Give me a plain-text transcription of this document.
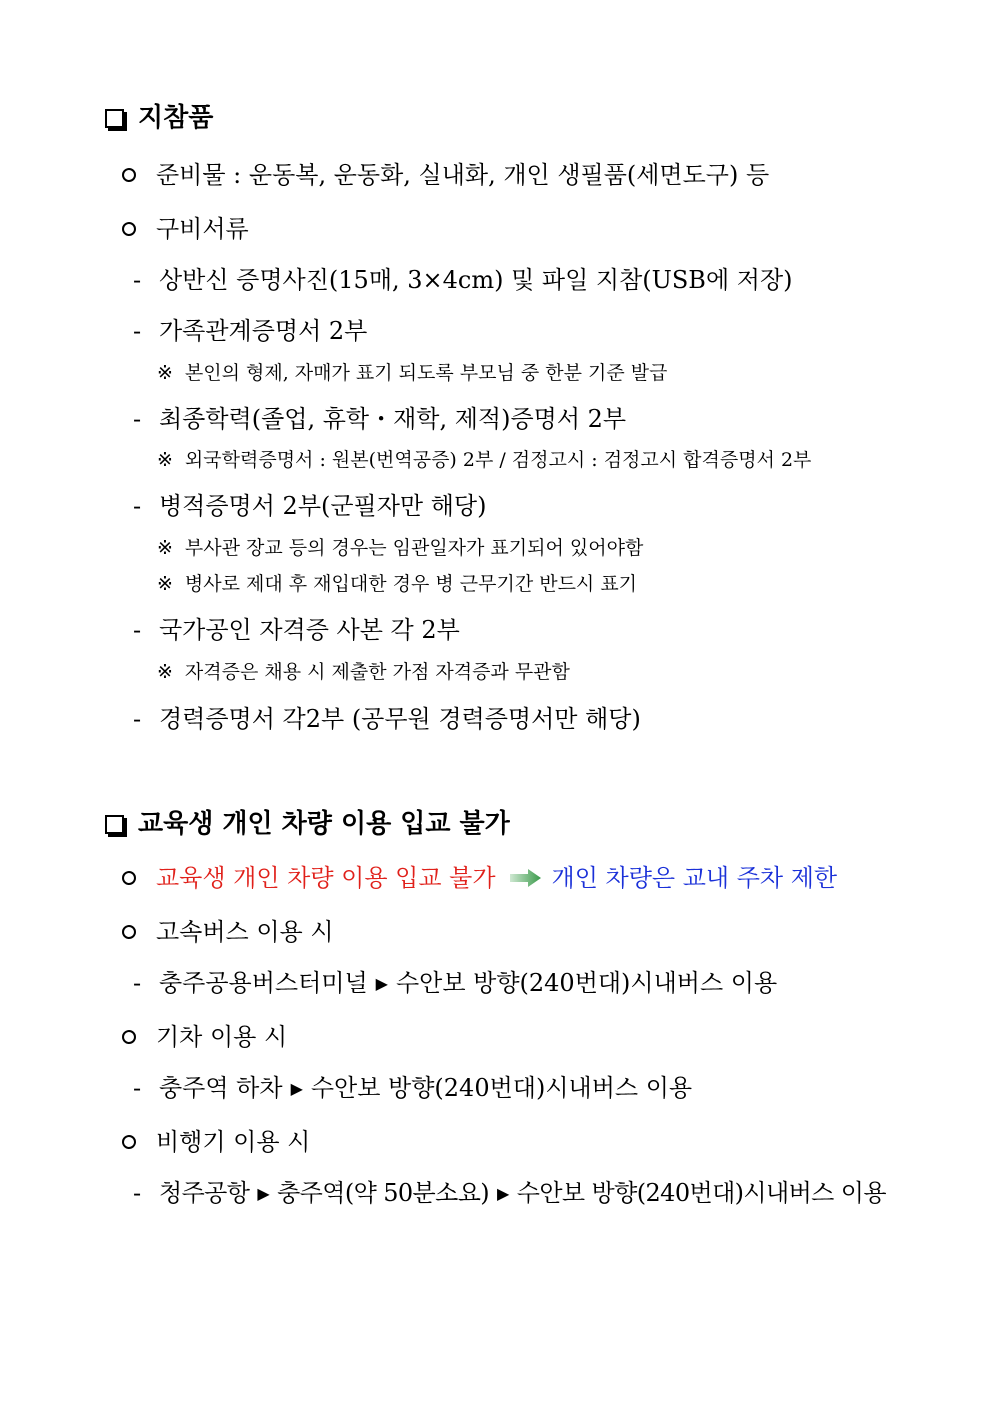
지참품
준비물 : 운동복, 운동화, 실내화, 개인 생필품(세면도구) 등
구비서류
- 상반신 증명사진(15매, 3×4cm) 및 파일 지참(USB에 저장)
- 가족관계증명서 2부
※ 본인의 형제, 자매가 표기 되도록 부모님 중 한분 기준 발급
- 최종학력(졸업, 휴학・재학, 제적)증명서 2부
※ 외국학력증명서 : 원본(번역공증) 2부 / 검정고시 : 검정고시 합격증명서 2부
- 병적증명서 2부(군필자만 해당)
※ 부사관 장교 등의 경우는 임관일자가 표기되어 있어야함
※ 병사로 제대 후 재입대한 경우 병 근무기간 반드시 표기
- 국가공인 자격증 사본 각 2부
※ 자격증은 채용 시 제출한 가점 자격증과 무관함
- 경력증명서 각2부 (공무원 경력증명서만 해당)
교육생 개인 차량 이용 입교 불가
교육생 개인 차량 이용 입교 불가 개인 차량은 교내 주차 제한
고속버스 이용 시
- 충주공용버스터미널 ▶ 수안보 방향(240번대)시내버스 이용
기차 이용 시
- 충주역 하차 ▶ 수안보 방향(240번대)시내버스 이용
비행기 이용 시
- 청주공항 ▶ 충주역(약 50분소요) ▶ 수안보 방향(240번대)시내버스 이용
